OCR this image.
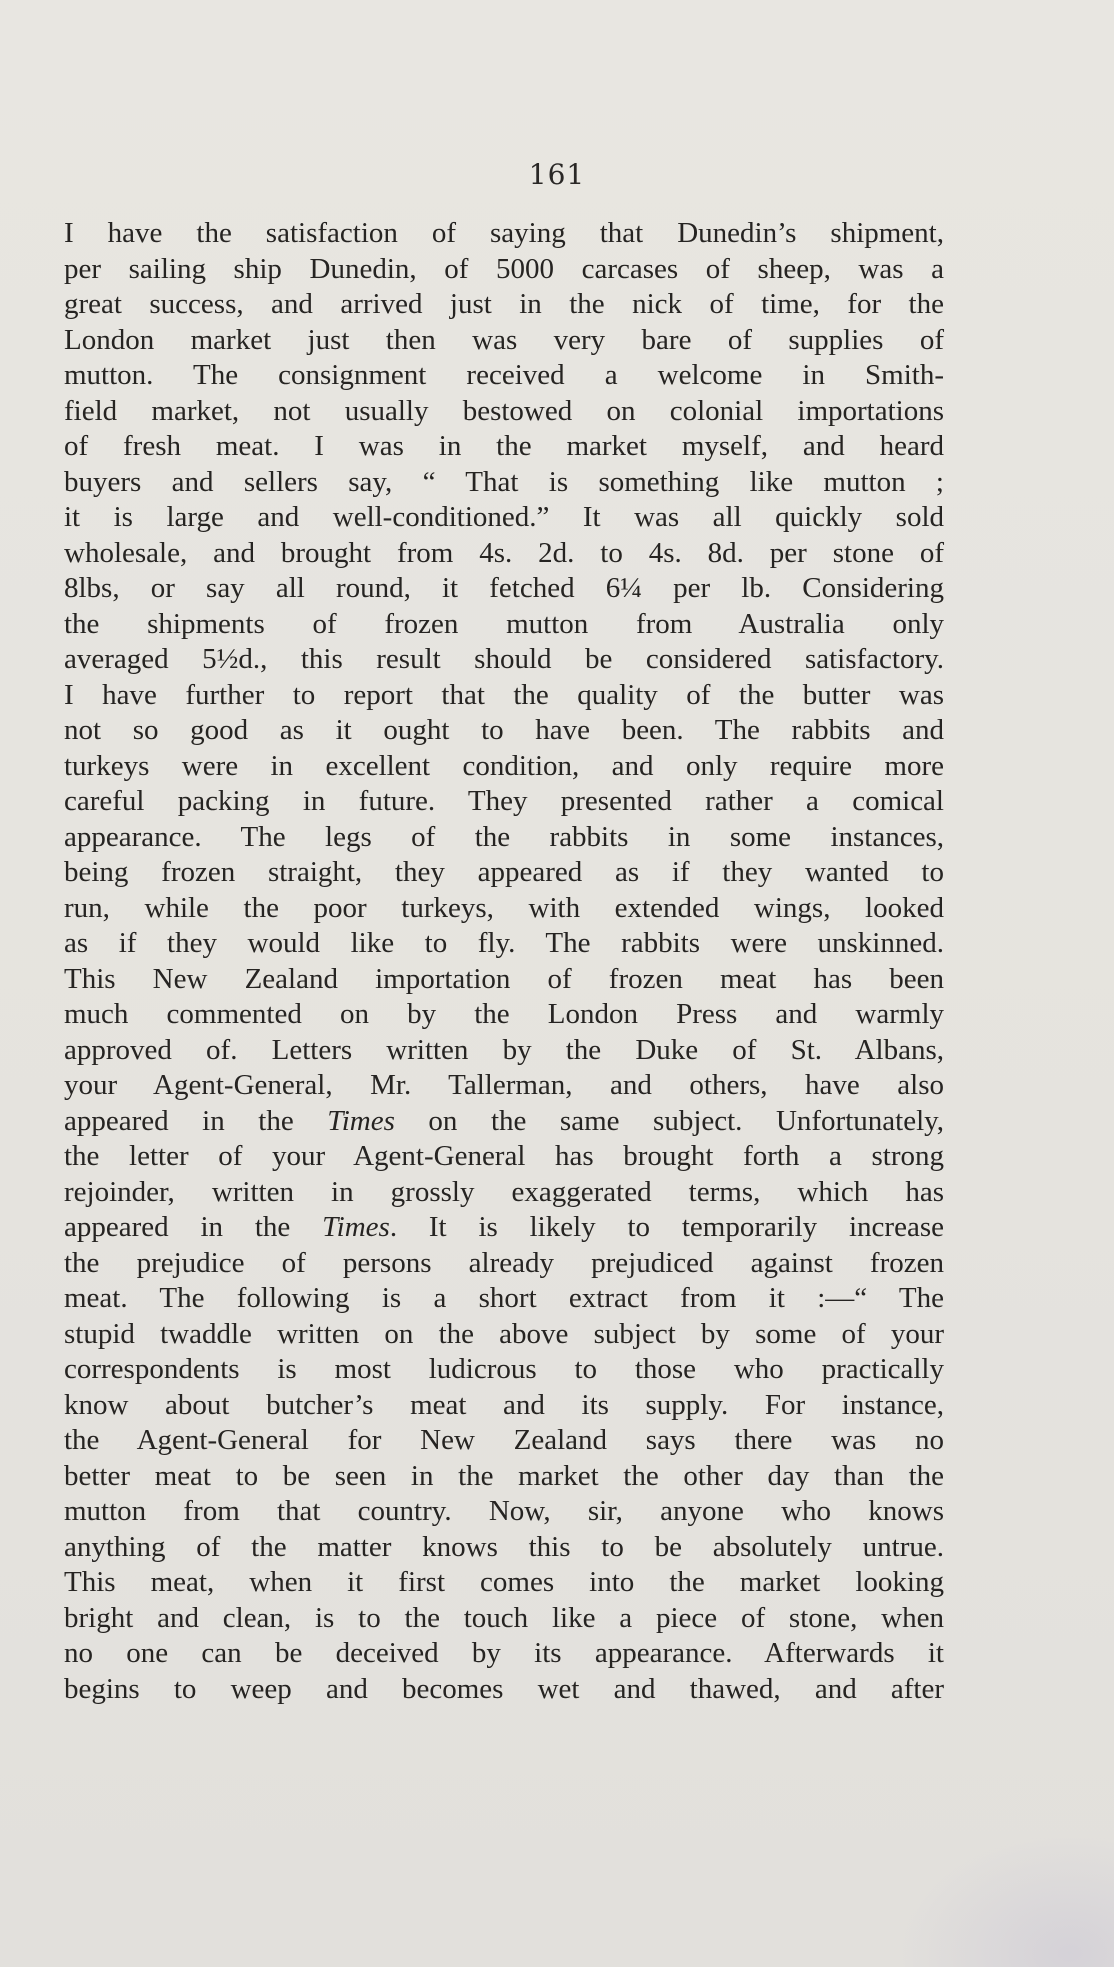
161
I have the satisfaction of saying that Dunedin’s shipment,
per sailing ship Dunedin, of 5000 carcases of sheep, was a
great success, and arrived just in the nick of time, for the
London market just then was very bare of supplies of
mutton. The consignment received a welcome in Smith-
field market, not usually bestowed on colonial importations
of fresh meat. I was in the market myself, and heard
buyers and sellers say, “ That is something like mutton ;
it is large and well-conditioned.” It was all quickly sold
wholesale, and brought from 4s. 2d. to 4s. 8d. per stone of
8lbs, or say all round, it fetched 6¼ per lb. Considering
the shipments of frozen mutton from Australia only
averaged 5½d., this result should be considered satisfactory.
I have further to report that the quality of the butter was
not so good as it ought to have been. The rabbits and
turkeys were in excellent condition, and only require more
careful packing in future. They presented rather a comical
appearance. The legs of the rabbits in some instances,
being frozen straight, they appeared as if they wanted to
run, while the poor turkeys, with extended wings, looked
as if they would like to fly. The rabbits were unskinned.
This New Zealand importation of frozen meat has been
much commented on by the London Press and warmly
approved of. Letters written by the Duke of St. Albans,
your Agent-General, Mr. Tallerman, and others, have also
appeared in the Times on the same subject. Unfortunately,
the letter of your Agent-General has brought forth a strong
rejoinder, written in grossly exaggerated terms, which has
appeared in the Times. It is likely to temporarily increase
the prejudice of persons already prejudiced against frozen
meat. The following is a short extract from it :—“ The
stupid twaddle written on the above subject by some of your
correspondents is most ludicrous to those who practically
know about butcher’s meat and its supply. For instance,
the Agent-General for New Zealand says there was no
better meat to be seen in the market the other day than the
mutton from that country. Now, sir, anyone who knows
anything of the matter knows this to be absolutely untrue.
This meat, when it first comes into the market looking
bright and clean, is to the touch like a piece of stone, when
no one can be deceived by its appearance. Afterwards it
begins to weep and becomes wet and thawed, and after
